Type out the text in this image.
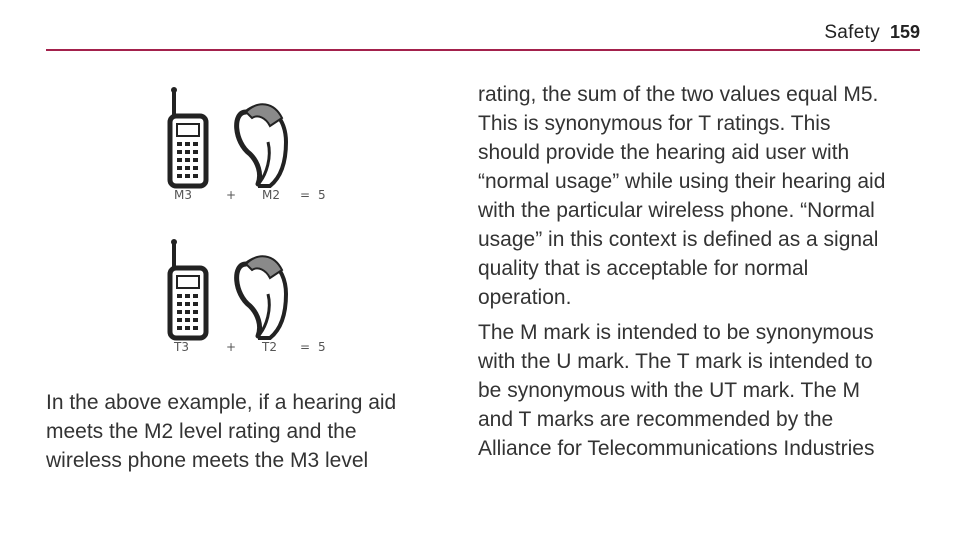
Safety 159
M3	+ M2 = 5
T3	+ T2 = 5

In the above example, if a hearing aid meets the M2 level rating and the wireless phone meets the M3 level

rating, the sum of the two values equal M5. This is synonymous for T ratings. This should provide the hearing aid user with “normal usage” while using their hearing aid with the particular wireless phone. “Normal usage” in this context is defined as a signal quality that is acceptable for normal operation.

The M mark is intended to be synonymous with the U mark. The T mark is intended to be synonymous with the UT mark. The M and T marks are recommended by the Alliance for Telecommunications Industries
